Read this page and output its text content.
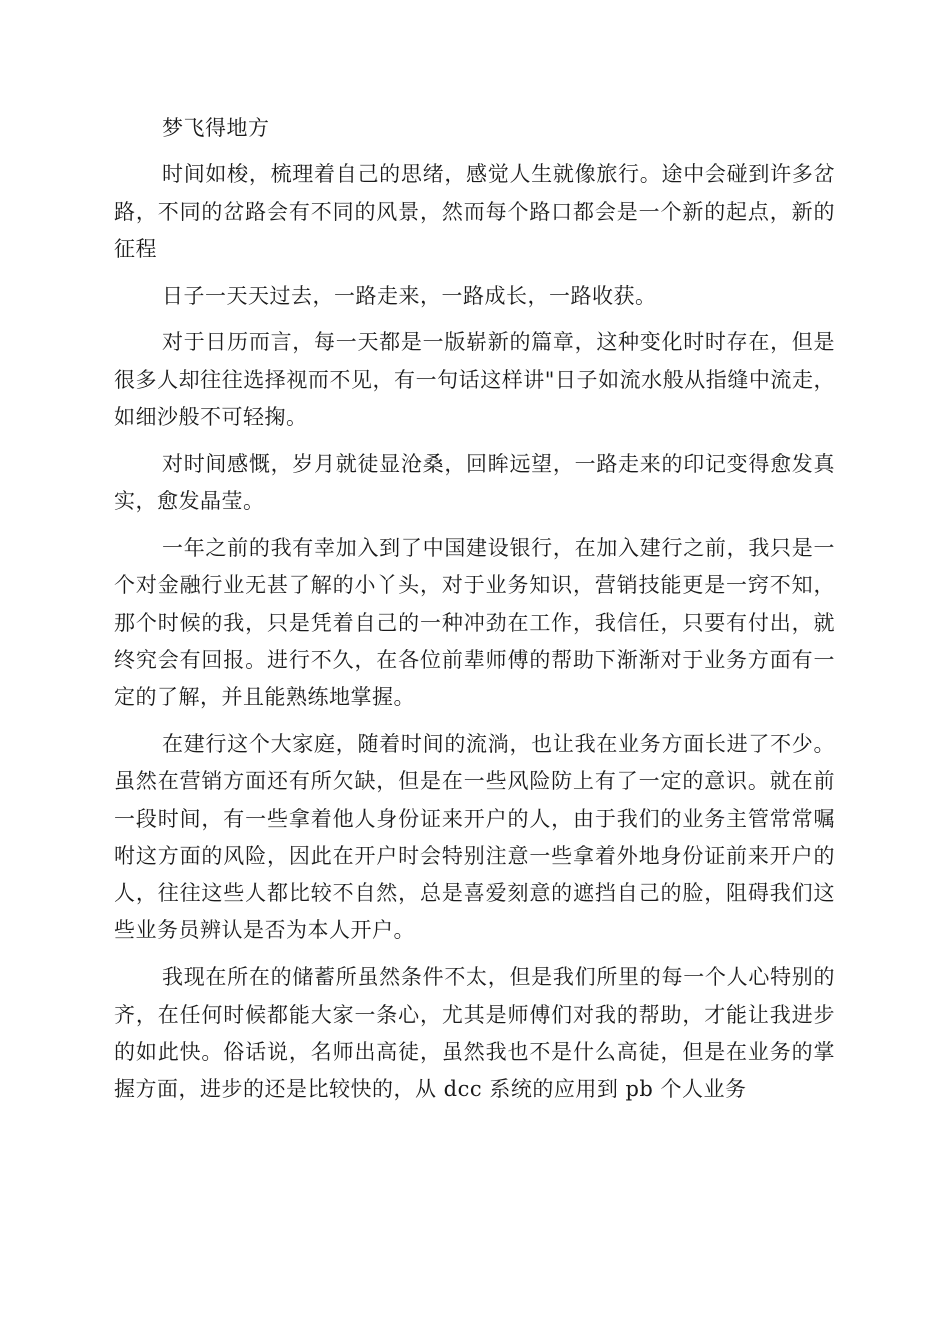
梦飞得地方

时间如梭，梳理着自己的思绪，感觉人生就像旅行。途中会碰到许多岔路，不同的岔路会有不同的风景，然而每个路口都会是一个新的起点，新的征程

日子一天天过去，一路走来，一路成长，一路收获。

对于日历而言，每一天都是一版崭新的篇章，这种变化时时存在，但是很多人却往往选择视而不见，有一句话这样讲"日子如流水般从指缝中流走，如细沙般不可轻掬。

对时间感慨，岁月就徒显沧桑，回眸远望，一路走来的印记变得愈发真实，愈发晶莹。

一年之前的我有幸加入到了中国建设银行，在加入建行之前，我只是一个对金融行业无甚了解的小丫头，对于业务知识，营销技能更是一窍不知，那个时候的我，只是凭着自己的一种冲劲在工作，我信任，只要有付出，就终究会有回报。进行不久，在各位前辈师傅的帮助下渐渐对于业务方面有一定的了解，并且能熟练地掌握。

在建行这个大家庭，随着时间的流淌，也让我在业务方面长进了不少。虽然在营销方面还有所欠缺，但是在一些风险防上有了一定的意识。就在前一段时间，有一些拿着他人身份证来开户的人，由于我们的业务主管常常嘱咐这方面的风险，因此在开户时会特别注意一些拿着外地身份证前来开户的人，往往这些人都比较不自然，总是喜爱刻意的遮挡自己的脸，阻碍我们这些业务员辨认是否为本人开户。

我现在所在的储蓄所虽然条件不太，但是我们所里的每一个人心特别的齐，在任何时候都能大家一条心，尤其是师傅们对我的帮助，才能让我进步的如此快。俗话说，名师出高徒，虽然我也不是什么高徒，但是在业务的掌握方面，进步的还是比较快的，从 dcc 系统的应用到 pb 个人业务
